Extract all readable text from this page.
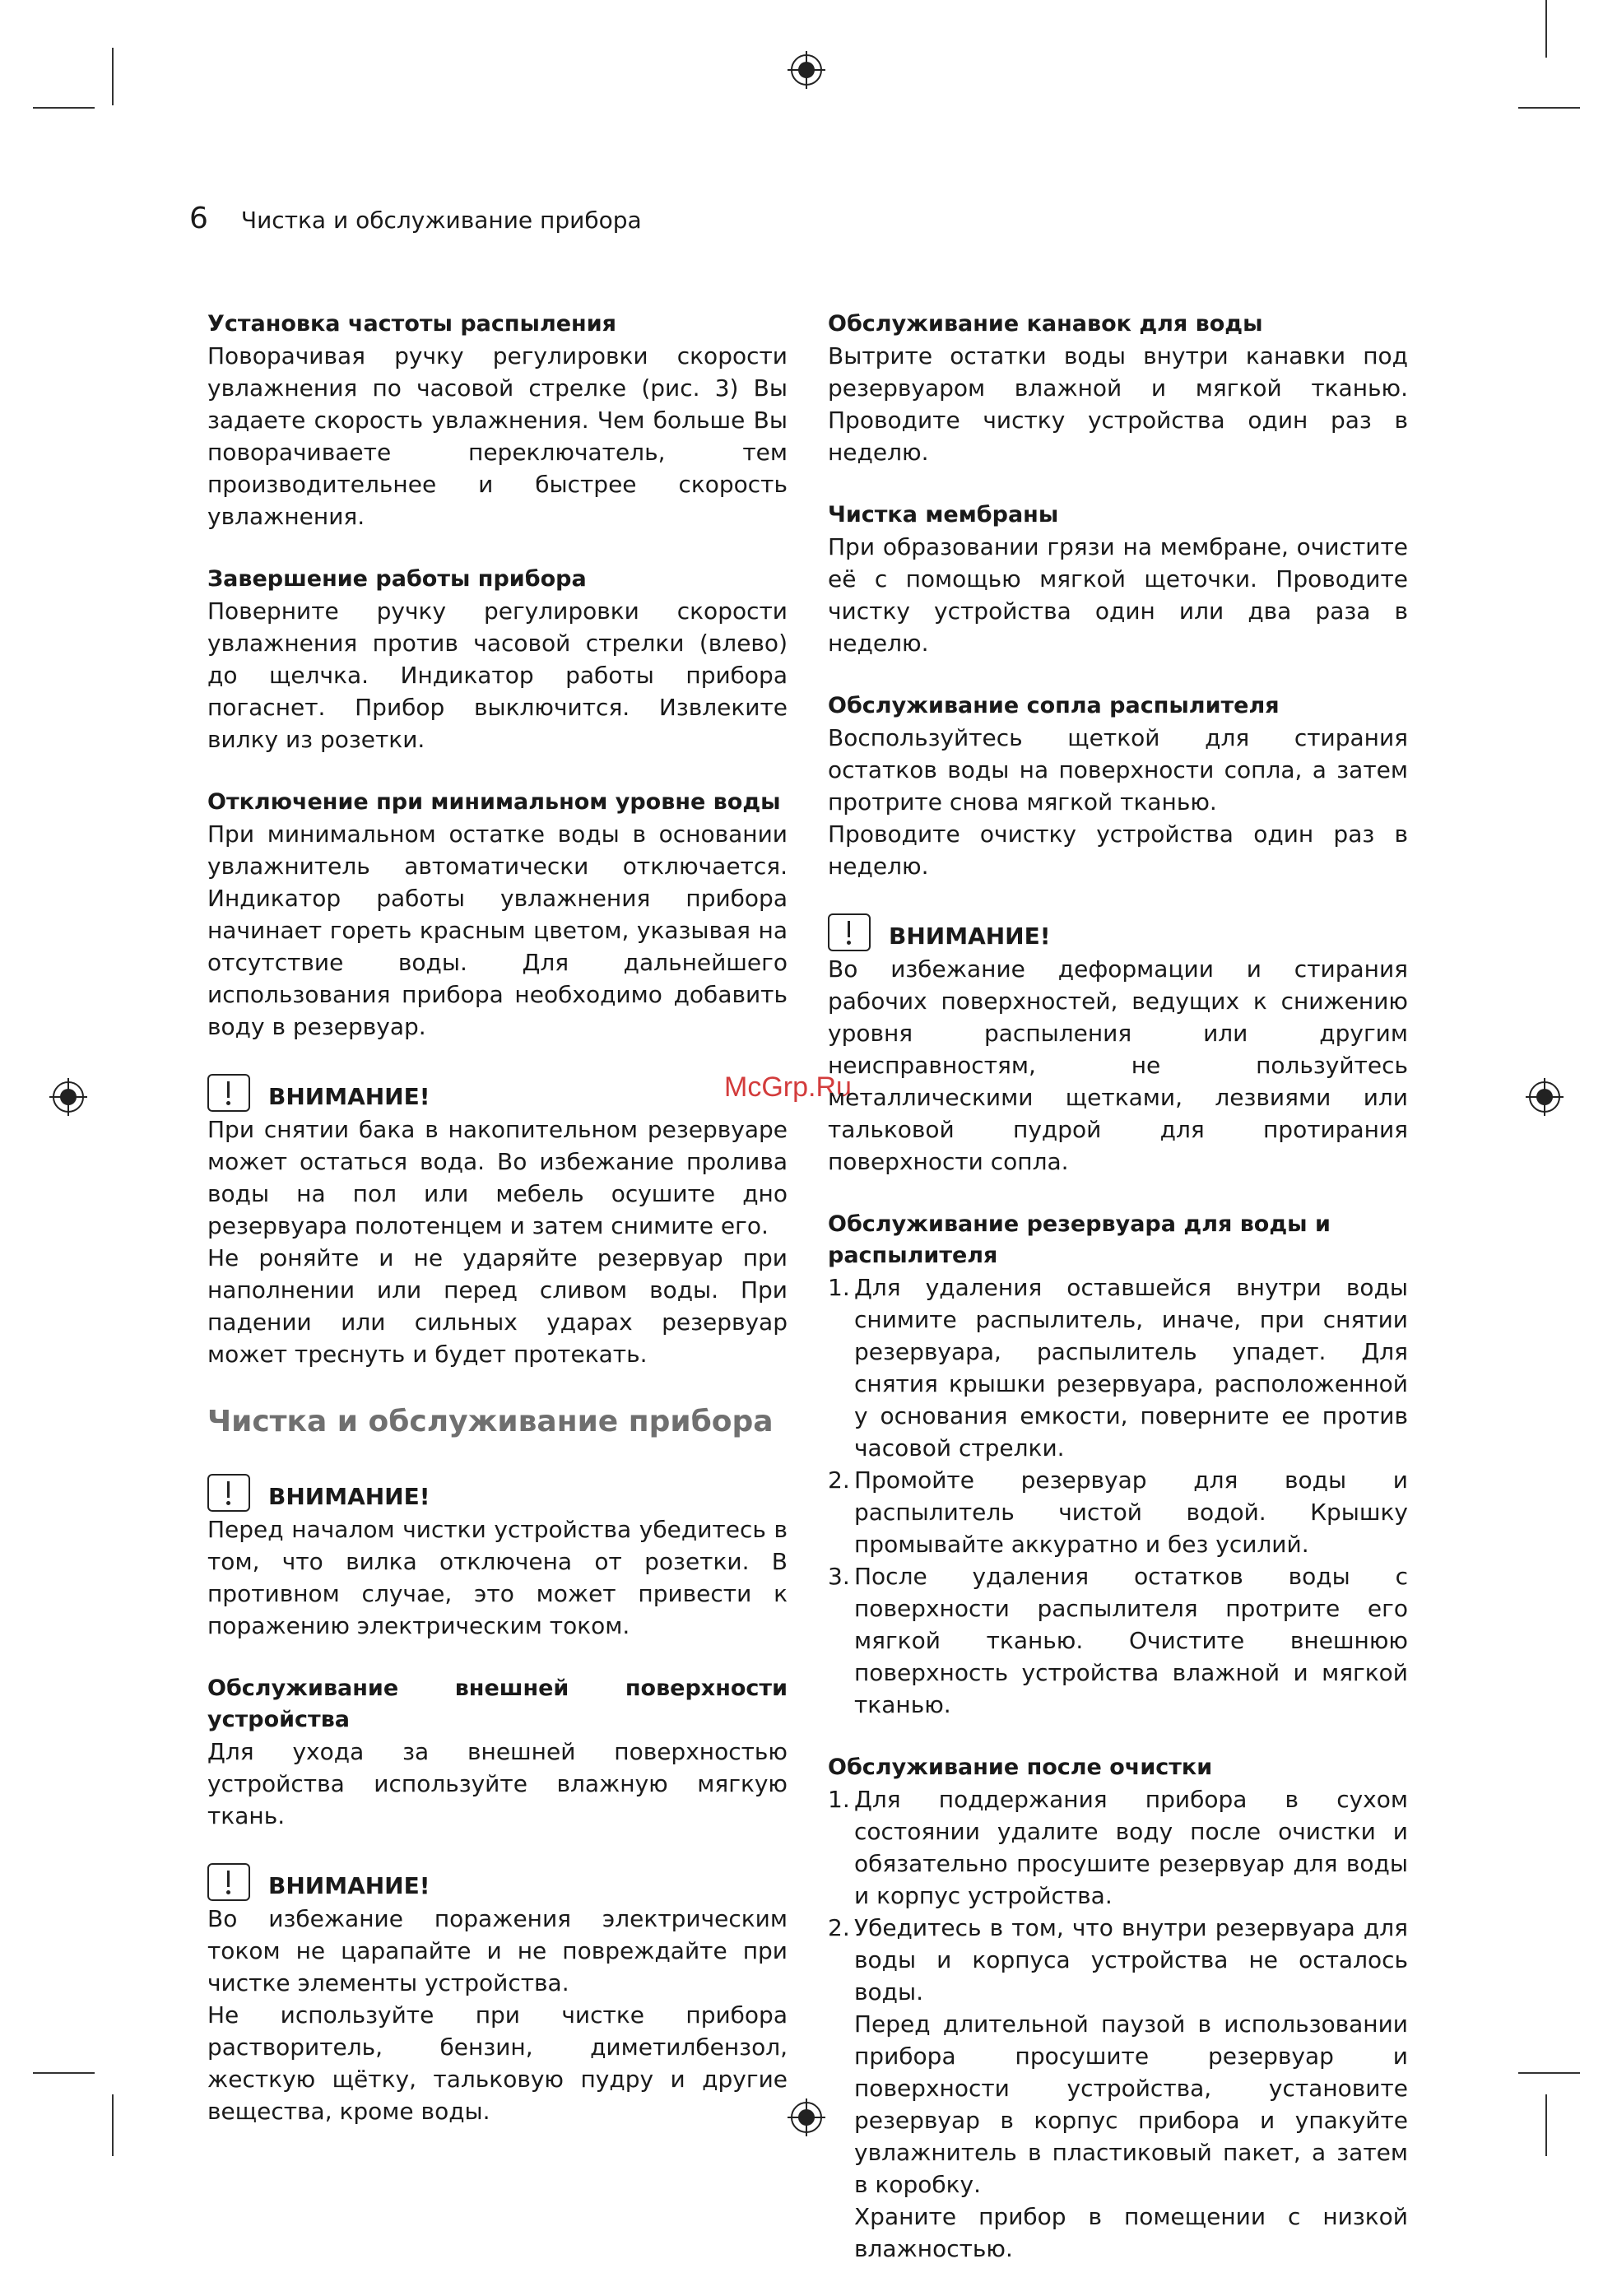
6 Чистка и обслуживание прибора
McGrp.Ru
Установка частоты распыления
Поворачивая ручку регулировки скорости увлажнения по часовой стрелке (рис. 3) Вы задаете скорость увлажнения. Чем больше Вы поворачиваете переключатель, тем производительнее и быстрее скорость увлажнения.
Завершение работы прибора
Поверните ручку регулировки скорости увлажнения против часовой стрелки (влево) до щелчка. Индикатор работы прибора погаснет. Прибор выключится. Извлеките вилку из розетки.
Отключение при минимальном уровне воды
При минимальном остатке воды в основании увлажнитель автоматически отключается. Индикатор работы увлажнения прибора начинает гореть красным цветом, указывая на отсутствие воды. Для дальнейшего использования прибора необходимо добавить воду в резервуар.
ВНИМАНИЕ!
При снятии бака в накопительном резервуаре может остаться вода. Во избежание пролива воды на пол или мебель осушите дно резервуара полотенцем и затем снимите его.
Не роняйте и не ударяйте резервуар при наполнении или перед сливом воды. При падении или сильных ударах резервуар может треснуть и будет протекать.
Чистка и обслуживание прибора
ВНИМАНИЕ!
Перед началом чистки устройства убедитесь в том, что вилка отключена от розетки. В противном случае, это может привести к поражению электрическим током.
Обслуживание внешней поверхности устройства
Для ухода за внешней поверхностью устройства используйте влажную мягкую ткань.
ВНИМАНИЕ!
Во избежание поражения электрическим током не царапайте и не повреждайте при чистке элементы устройства.
Не используйте при чистке прибора растворитель, бензин, диметилбензол, жесткую щётку, тальковую пудру и другие вещества, кроме воды.
Обслуживание канавок для воды
Вытрите остатки воды внутри канавки под резервуаром влажной и мягкой тканью. Проводите чистку устройства один раз в неделю.
Чистка мембраны
При образовании грязи на мембране, очистите её с помощью мягкой щеточки. Проводите чистку устройства один или два раза в неделю.
Обслуживание сопла распылителя
Воспользуйтесь щеткой для стирания остатков воды на поверхности сопла, а затем протрите снова мягкой тканью.
Проводите очистку устройства один раз в неделю.
ВНИМАНИЕ!
Во избежание деформации и стирания рабочих поверхностей, ведущих к снижению уровня распыления или другим неисправностям, не пользуйтесь металлическими щетками, лезвиями или тальковой пудрой для протирания поверхности сопла.
Обслуживание резервуара для воды и распылителя
1. Для удаления оставшейся внутри воды снимите распылитель, иначе, при снятии резервуара, распылитель упадет. Для снятия крышки резервуара, расположенной у основания емкости, поверните ее против часовой стрелки.
2. Промойте резервуар для воды и распылитель чистой водой. Крышку промывайте аккуратно и без усилий.
3. После удаления остатков воды с поверхности распылителя протрите его мягкой тканью. Очистите внешнюю поверхность устройства влажной и мягкой тканью.
Обслуживание после очистки
1. Для поддержания прибора в сухом состоянии удалите воду после очистки и обязательно просушите резервуар для воды и корпус устройства.
2. Убедитесь в том, что внутри резервуара для воды и корпуса устройства не осталось воды.
Перед длительной паузой в использовании прибора просушите резервуар и поверхности устройства, установите резервуар в корпус прибора и упакуйте увлажнитель в пластиковый пакет, а затем в коробку.
Храните прибор в помещении с низкой влажностью.
